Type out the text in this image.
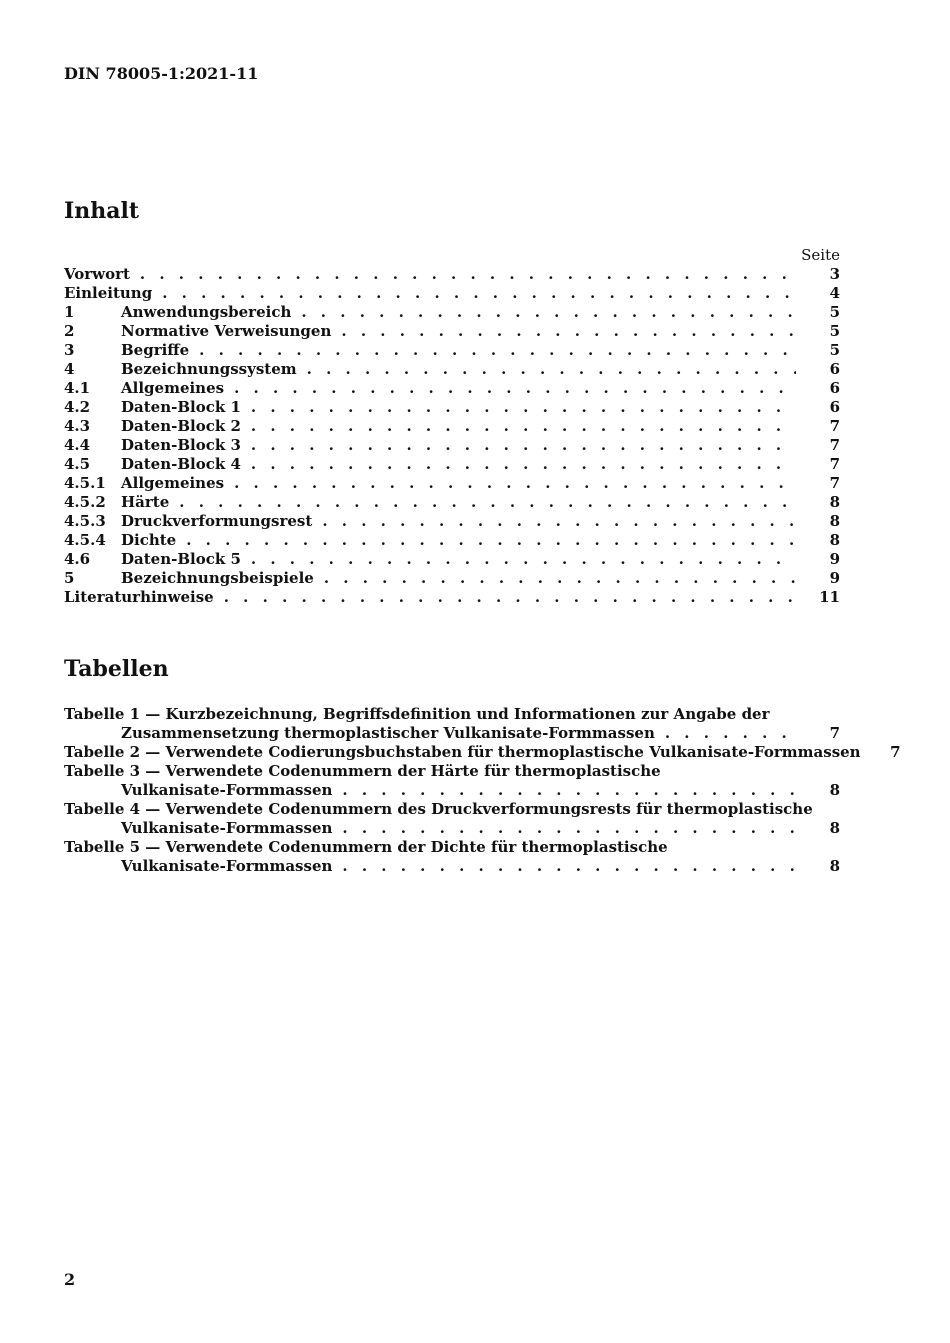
DIN 78005-1:2021-11
Inhalt
Seite
Vorwort . . .	3
Einleitung . . .	4
1	Anwendungsbereich . . .	5
2	Normative Verweisungen . . .	5
3	Begriffe . . .	5
4	Bezeichnungssystem . . .	6
4.1	Allgemeines . . .	6
4.2	Daten-Block 1 . . .	6
4.3	Daten-Block 2 . . .	7
4.4	Daten-Block 3 . . .	7
4.5	Daten-Block 4 . . .	7
4.5.1	Allgemeines . . .	7
4.5.2	Härte . . .	8
4.5.3	Druckverformungsrest . . .	8
4.5.4	Dichte . . .	8
4.6	Daten-Block 5 . . .	9
5	Bezeichnungsbeispiele . . .	9
Literaturhinweise . . .	11
Tabellen
Tabelle 1 — Kurzbezeichnung, Begriffsdefinition und Informationen zur Angabe der
Zusammensetzung thermoplastischer Vulkanisate-Formmassen . . .	7
Tabelle 2 — Verwendete Codierungsbuchstaben für thermoplastische Vulkanisate-Formmassen	7
Tabelle 3 — Verwendete Codenummern der Härte für thermoplastische
Vulkanisate-Formmassen . . .	8
Tabelle 4 — Verwendete Codenummern des Druckverformungsrests für thermoplastische
Vulkanisate-Formmassen . . .	8
Tabelle 5 — Verwendete Codenummern der Dichte für thermoplastische
Vulkanisate-Formmassen . . .	8
2
